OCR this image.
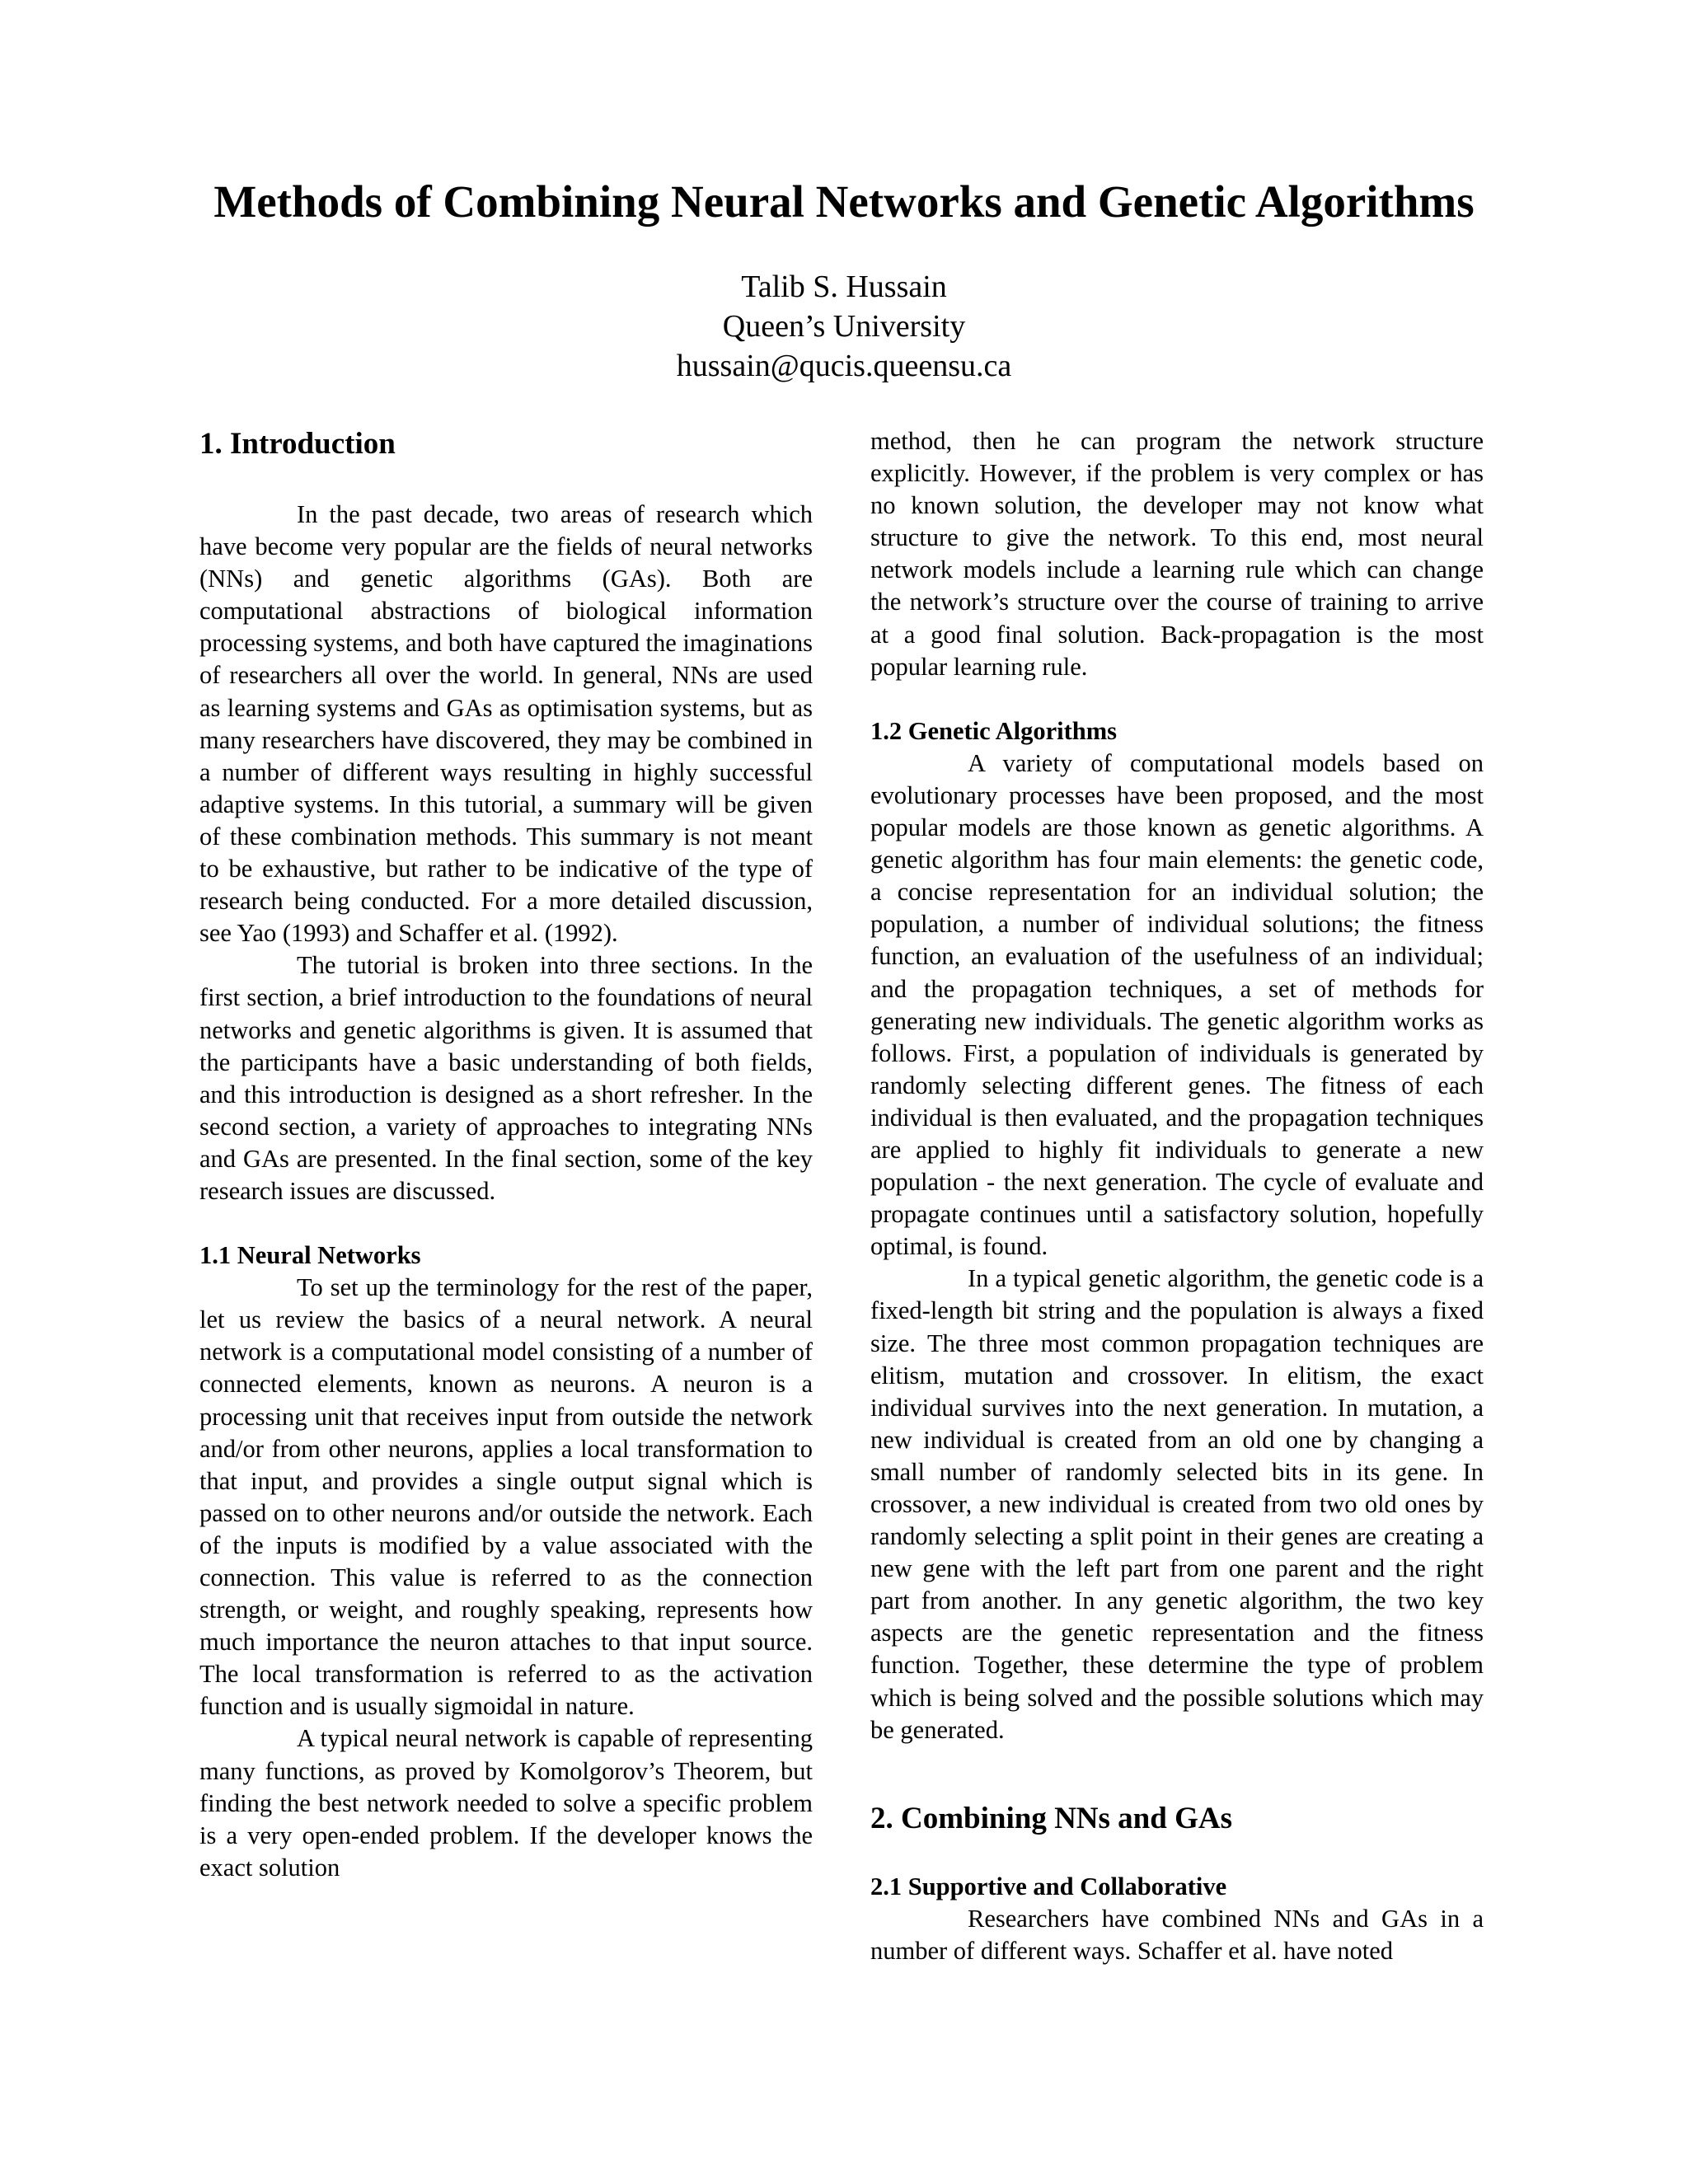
Methods of Combining Neural Networks and Genetic Algorithms
Talib S. Hussain
Queen’s University
hussain@qucis.queensu.ca
1. Introduction

In the past decade, two areas of research which have become very popular are the fields of neural networks (NNs) and genetic algorithms (GAs). Both are computational abstractions of biological information processing systems, and both have captured the imaginations of researchers all over the world. In general, NNs are used as learning systems and GAs as optimisation systems, but as many researchers have discovered, they may be combined in a number of different ways resulting in highly successful adaptive systems. In this tutorial, a summary will be given of these combination methods. This summary is not meant to be exhaustive, but rather to be indicative of the type of research being conducted. For a more detailed discussion, see Yao (1993) and Schaffer et al. (1992).

The tutorial is broken into three sections. In the first section, a brief introduction to the foundations of neural networks and genetic algorithms is given. It is assumed that the participants have a basic understanding of both fields, and this introduction is designed as a short refresher. In the second section, a variety of approaches to integrating NNs and GAs are presented. In the final section, some of the key research issues are discussed.

1.1 Neural Networks

To set up the terminology for the rest of the paper, let us review the basics of a neural network. A neural network is a computational model consisting of a number of connected elements, known as neurons. A neuron is a processing unit that receives input from outside the network and/or from other neurons, applies a local transformation to that input, and provides a single output signal which is passed on to other neurons and/or outside the network. Each of the inputs is modified by a value associated with the connection. This value is referred to as the connection strength, or weight, and roughly speaking, represents how much importance the neuron attaches to that input source. The local transformation is referred to as the activation function and is usually sigmoidal in nature.

A typical neural network is capable of representing many functions, as proved by Komolgorov’s Theorem, but finding the best network needed to solve a specific problem is a very open-ended problem. If the developer knows the exact solution

method, then he can program the network structure explicitly. However, if the problem is very complex or has no known solution, the developer may not know what structure to give the network. To this end, most neural network models include a learning rule which can change the network’s structure over the course of training to arrive at a good final solution. Back-propagation is the most popular learning rule.

1.2 Genetic Algorithms

A variety of computational models based on evolutionary processes have been proposed, and the most popular models are those known as genetic algorithms. A genetic algorithm has four main elements: the genetic code, a concise representation for an individual solution; the population, a number of individual solutions; the fitness function, an evaluation of the usefulness of an individual; and the propagation techniques, a set of methods for generating new individuals. The genetic algorithm works as follows. First, a population of individuals is generated by randomly selecting different genes. The fitness of each individual is then evaluated, and the propagation techniques are applied to highly fit individuals to generate a new population - the next generation. The cycle of evaluate and propagate continues until a satisfactory solution, hopefully optimal, is found.

In a typical genetic algorithm, the genetic code is a fixed-length bit string and the population is always a fixed size. The three most common propagation techniques are elitism, mutation and crossover. In elitism, the exact individual survives into the next generation. In mutation, a new individual is created from an old one by changing a small number of randomly selected bits in its gene. In crossover, a new individual is created from two old ones by randomly selecting a split point in their genes are creating a new gene with the left part from one parent and the right part from another. In any genetic algorithm, the two key aspects are the genetic representation and the fitness function. Together, these determine the type of problem which is being solved and the possible solutions which may be generated.

2. Combining NNs and GAs
2.1 Supportive and Collaborative

Researchers have combined NNs and GAs in a number of different ways. Schaffer et al. have noted
